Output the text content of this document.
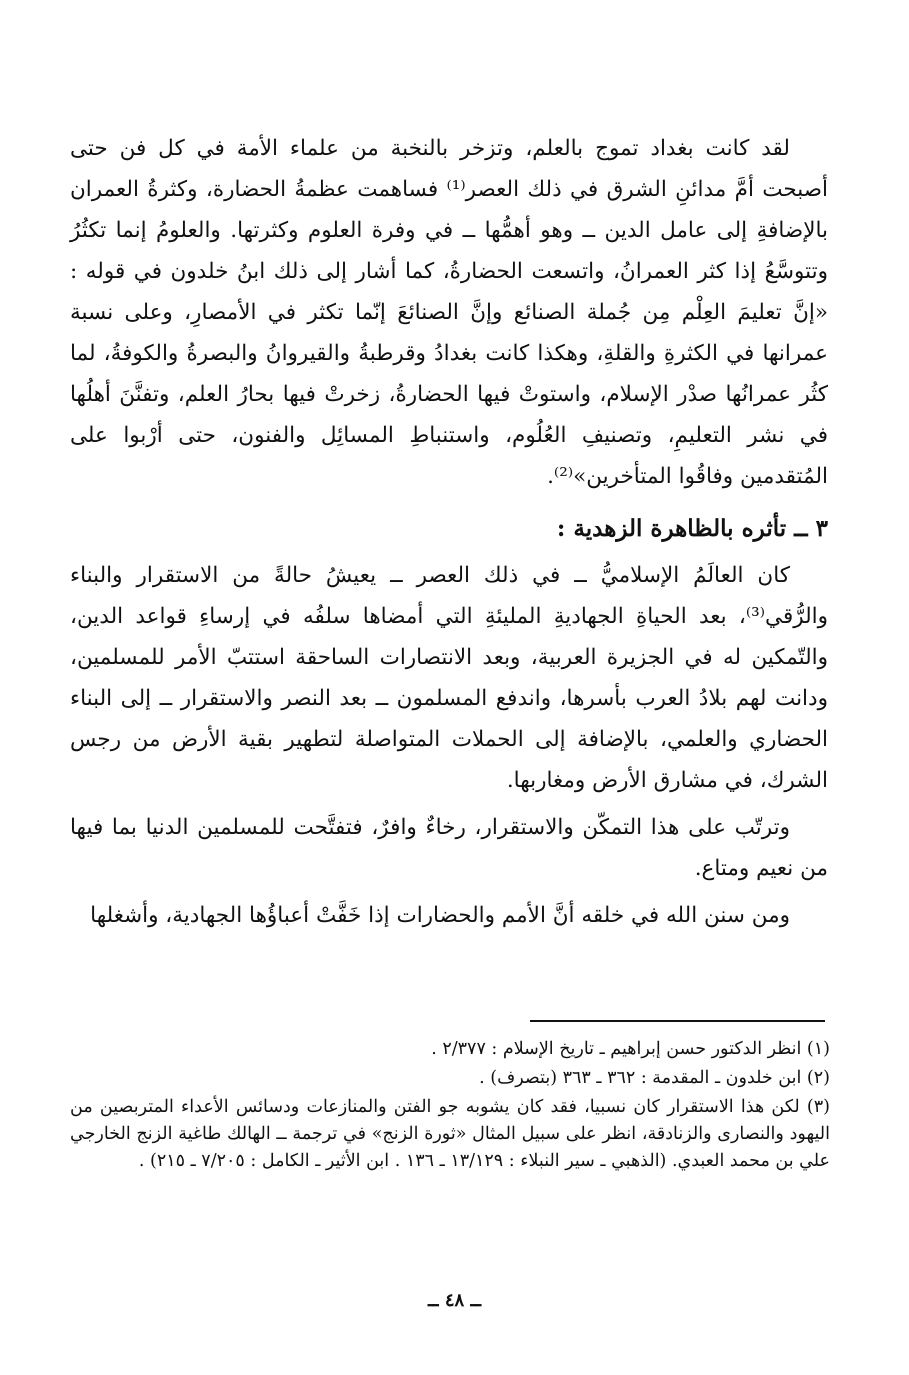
لقد كانت بغداد تموج بالعلم، وتزخر بالنخبة من علماء الأمة في كل فن حتى أصبحت أمَّ مدائنِ الشرق في ذلك العصر⁽¹⁾ فساهمت عظمةُ الحضارة، وكثرةُ العمران بالإضافةِ إلى عامل الدين ــ وهو أهمُّها ــ في وفرة العلوم وكثرتها. والعلومُ إنما تكثُرُ وتتوسَّعُ إذا كثر العمرانُ، واتسعت الحضارةُ، كما أشار إلى ذلك ابنُ خلدون في قوله : «إنَّ تعليمَ العِلْم مِن جُملة الصنائع وإنَّ الصنائعَ إنّما تكثر في الأمصارِ، وعلى نسبة عمرانها في الكثرةِ والقلةِ، وهكذا كانت بغدادُ وقرطبةُ والقيروانُ والبصرةُ والكوفةُ، لما كثُر عمرانُها صدْر الإسلام، واستوتْ فيها الحضارةُ، زخرتْ فيها بحارُ العلم، وتفنَّنَ أهلُها في نشر التعليمِ، وتصنيفِ العُلُوم، واستنباطِ المسائِل والفنون، حتى أرْبوا على المُتقدمين وفاقُوا المتأخرين»⁽²⁾.

٣ ــ تأثره بالظاهرة الزهدية :

كان العالَمُ الإسلاميُّ ــ في ذلك العصر ــ يعيشُ حالةً من الاستقرار والبناء والرُّقي⁽³⁾، بعد الحياةِ الجهاديةِ المليئةِ التي أمضاها سلفُه في إرساءِ قواعد الدين، والتّمكين له في الجزيرة العربية، وبعد الانتصارات الساحقة استتبّ الأمر للمسلمين، ودانت لهم بلادُ العرب بأسرها، واندفع المسلمون ــ بعد النصر والاستقرار ــ إلى البناء الحضاري والعلمي، بالإضافة إلى الحملات المتواصلة لتطهير بقية الأرض من رجس الشرك، في مشارق الأرض ومغاربها.

وترتّب على هذا التمكّن والاستقرار، رخاءٌ وافرٌ، فتفتَّحت للمسلمين الدنيا بما فيها من نعيم ومتاع.

ومن سنن الله في خلقه أنَّ الأمم والحضارات إذا خَفَّتْ أعباؤُها الجهادية، وأشغلها

(١) انظر الدكتور حسن إبراهيم ـ تاريخ الإسلام : ٢/٣٧٧ .

(٢) ابن خلدون ـ المقدمة : ٣٦٢ ـ ٣٦٣ (بتصرف) .

(٣) لكن هذا الاستقرار كان نسبيا، فقد كان يشوبه جو الفتن والمنازعات ودسائس الأعداء المتربصين من اليهود والنصارى والزنادقة، انظر على سبيل المثال «ثورة الزنج» في ترجمة ــ الهالك طاغية الزنج الخارجي علي بن محمد العبدي. (الذهبي ـ سير النبلاء : ١٣/١٢٩ ـ ١٣٦ . ابن الأثير ـ الكامل : ٧/٢٠٥ ـ ٢١٥) .

ــ ٤٨ ــ
